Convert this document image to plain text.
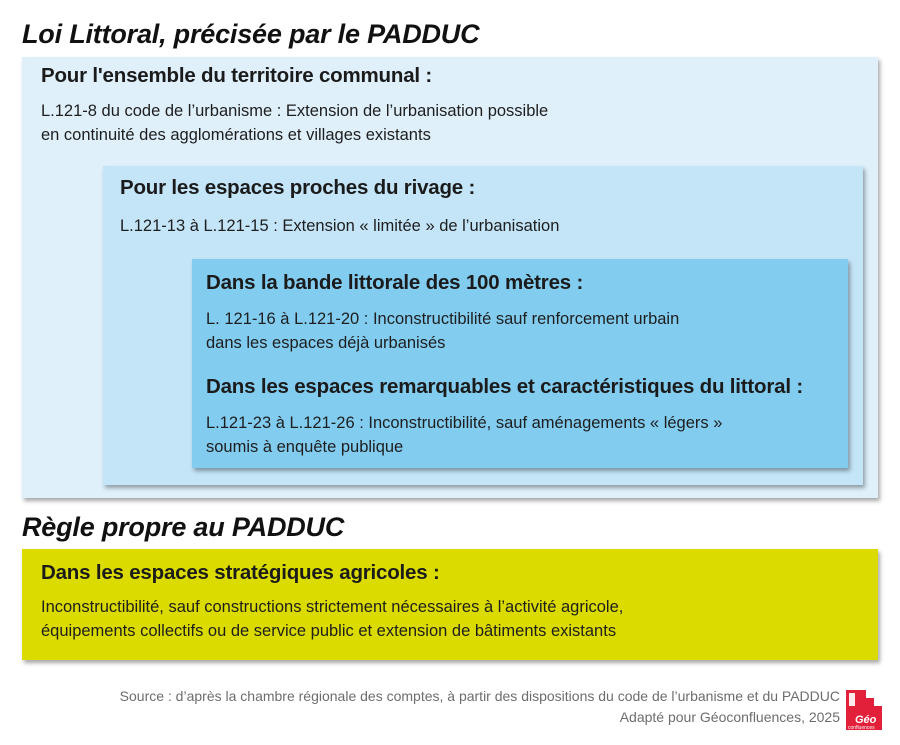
Loi Littoral, précisée par le PADDUC
Pour l'ensemble du territoire communal :

L.121-8 du code de l’urbanisme : Extension de l’urbanisation possible
en continuité des agglomérations et villages existants

Pour les espaces proches du rivage :

L.121-13 à L.121-15 : Extension « limitée » de l’urbanisation

Dans la bande littorale des 100 mètres :

L. 121-16 à L.121-20 : Inconstructibilité sauf renforcement urbain
dans les espaces déjà urbanisés

Dans les espaces remarquables et caractéristiques du littoral :

L.121-23 à L.121-26 : Inconstructibilité, sauf aménagements « légers »
soumis à enquête publique

Règle propre au PADDUC
Dans les espaces stratégiques agricoles :

Inconstructibilité, sauf constructions strictement nécessaires à l’activité agricole,
équipements collectifs ou de service public et extension de bâtiments existants

Source : d’après la chambre régionale des comptes, à partir des dispositions du code de l’urbanisme et du PADDUC
Adapté pour Géoconfluences, 2025 Géo
confluences
